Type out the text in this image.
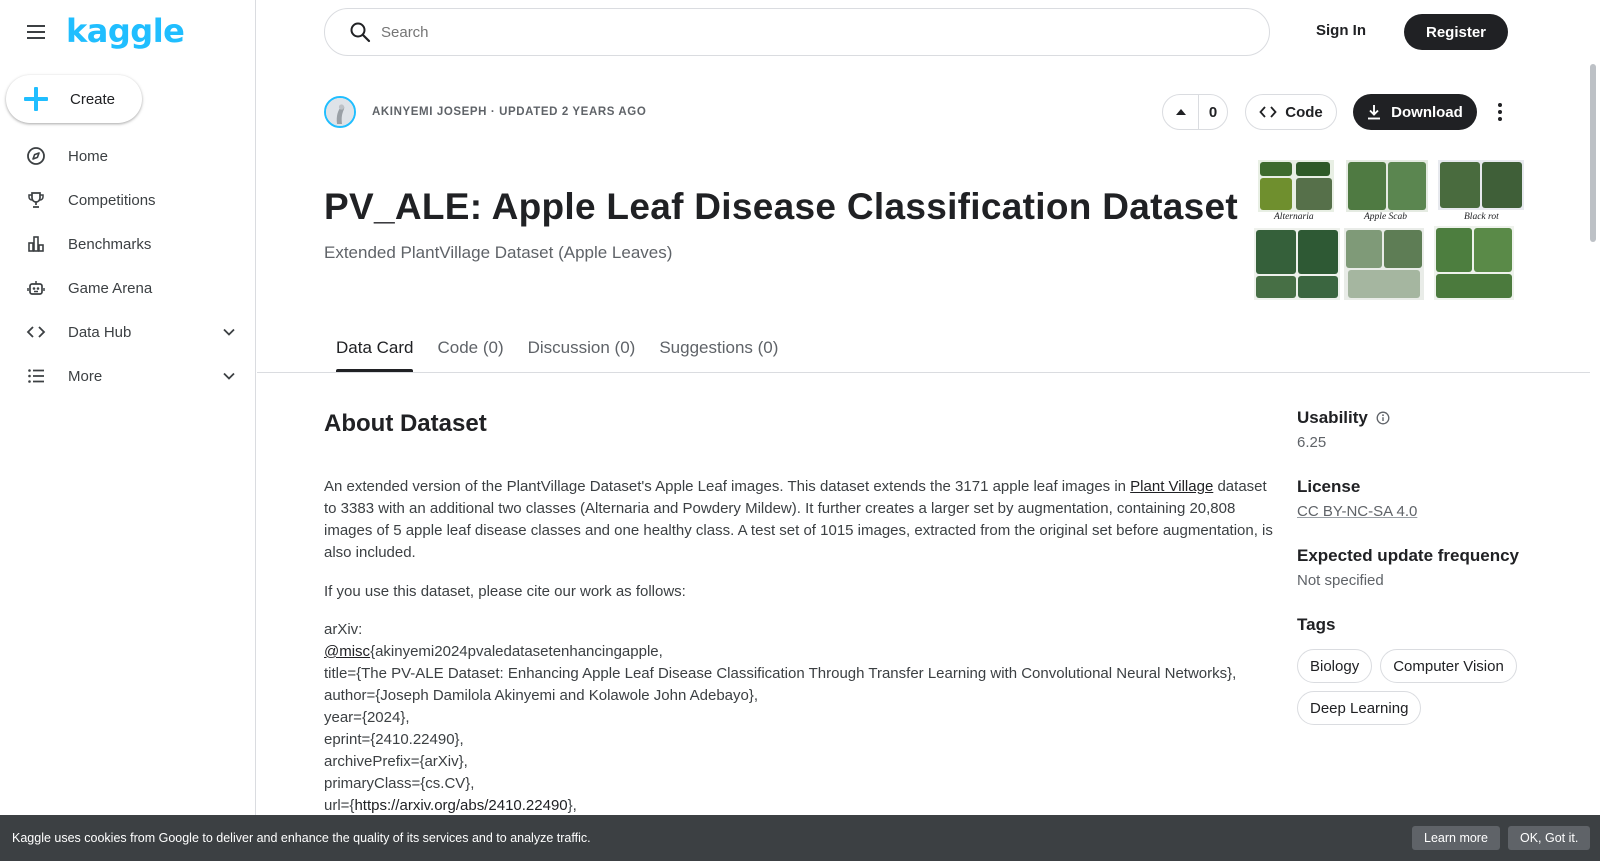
kaggle
Create
Home
Competitions
Benchmarks
Game Arena
Data Hub
More
Search
Sign In	Register
AKINYEMI JOSEPH · UPDATED 2 YEARS AGO	0	Code	Download
PV_ALE: Apple Leaf Disease Classification Dataset
Extended PlantVillage Dataset (Apple Leaves)
Alternaria	Apple Scab	Black rot
Data Card	Code (0)	Discussion (0)	Suggestions (0)
About Dataset
An extended version of the PlantVillage Dataset's Apple Leaf images. This dataset extends the 3171 apple leaf images in Plant Village dataset to 3383 with an additional two classes (Alternaria and Powdery Mildew). It further creates a larger set by augmentation, containing 20,808 images of 5 apple leaf disease classes and one healthy class. A test set of 1015 images, extracted from the original set before augmentation, is also included.
If you use this dataset, please cite our work as follows:
arXiv:
@misc{akinyemi2024pvaledatasetenhancingapple,
title={The PV-ALE Dataset: Enhancing Apple Leaf Disease Classification Through Transfer Learning with Convolutional Neural Networks},
author={Joseph Damilola Akinyemi and Kolawole John Adebayo},
year={2024},
eprint={2410.22490},
archivePrefix={arXiv},
primaryClass={cs.CV},
url={https://arxiv.org/abs/2410.22490},
Usability
6.25
License
CC BY-NC-SA 4.0
Expected update frequency
Not specified
Tags
Biology	Computer Vision
Deep Learning
Kaggle uses cookies from Google to deliver and enhance the quality of its services and to analyze traffic.	Learn more	OK, Got it.
